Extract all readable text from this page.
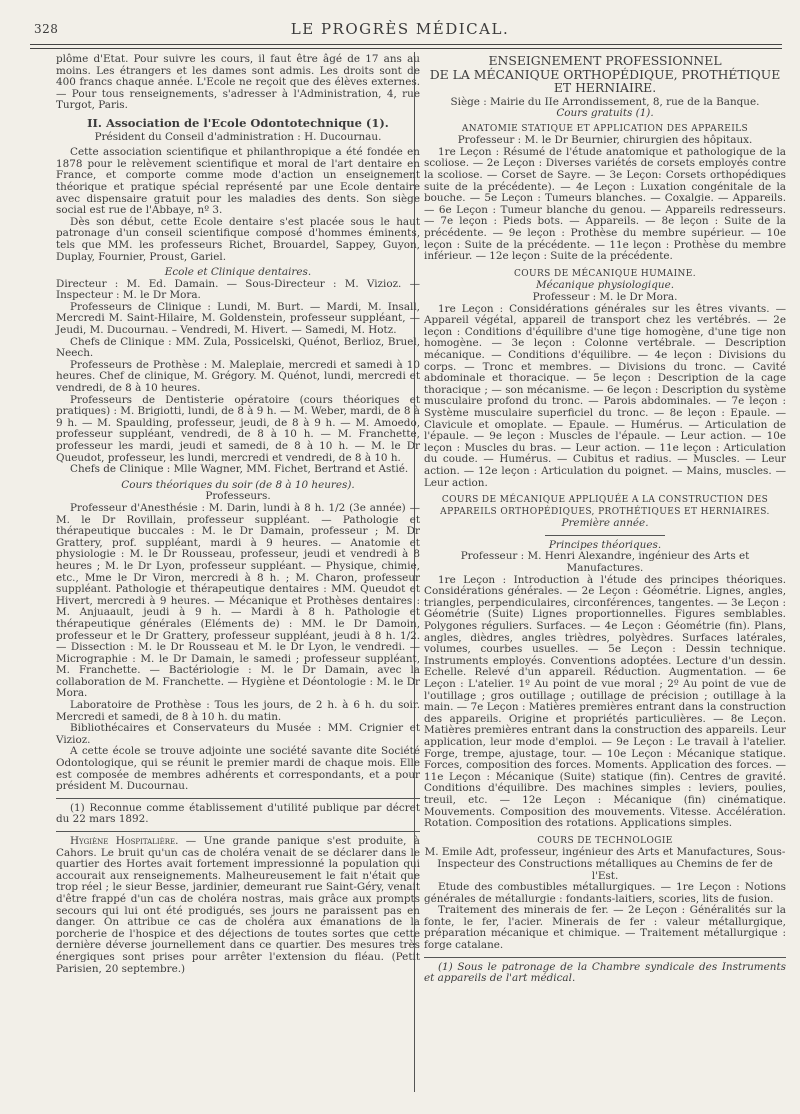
328	LE PROGRÈS MÉDICAL.

plôme d'Etat. Pour suivre les cours, il faut être âgé de 17 ans au moins. Les étrangers et les dames sont admis. Les droits sont de 400 francs chaque année. L'Ecole ne reçoit que des élèves externes. — Pour tous renseignements, s'adresser à l'Administration, 4, rue Turgot, Paris.

II. Association de l'Ecole Odontotechnique (1).

Président du Conseil d'administration : H. Ducournau.

Cette association scientifique et philanthropique a été fondée en 1878 pour le relèvement scientifique et moral de l'art dentaire en France, et comporte comme mode d'action un enseignement théorique et pratique spécial représenté par une Ecole dentaire avec dispensaire gratuit pour les maladies des dents. Son siège social est rue de l'Abbaye, nº 3.

Dès son début, cette Ecole dentaire s'est placée sous le haut patronage d'un conseil scientifique composé d'hommes éminents, tels que MM. les professeurs Richet, Brouardel, Sappey, Guyon, Duplay, Fournier, Proust, Gariel.

Ecole et Clinique dentaires.

Directeur : M. Ed. Damain. — Sous-Directeur : M. Vizioz. — Inspecteur : M. le Dr Mora.

Professeurs de Clinique : Lundi, M. Burt. — Mardi, M. Insall, Mercredi M. Saint-Hilaire, M. Goldenstein, professeur suppléant, — Jeudi, M. Ducournau. – Vendredi, M. Hivert. — Samedi, M. Hotz.

Chefs de Clinique : MM. Zula, Possicelski, Quénot, Berlioz, Bruel, Neech.

Professeurs de Prothèse : M. Maleplaie, mercredi et samedi à 10 heures. Chef de clinique, M. Grégory. M. Quénot, lundi, mercredi et vendredi, de 8 à 10 heures.

Professeurs de Dentisterie opératoire (cours théoriques et pratiques) : M. Brigiotti, lundi, de 8 à 9 h. — M. Weber, mardi, de 8 à 9 h. — M. Spaulding, professeur, jeudi, de 8 à 9 h. — M. Amoedo, professeur suppléant, vendredi, de 8 à 10 h. — M. Franchette, professeur les mardi, jeudi et samedi, de 8 à 10 h. — M. le Dr Queudot, professeur, les lundi, mercredi et vendredi, de 8 à 10 h.

Chefs de Clinique : Mlle Wagner, MM. Fichet, Bertrand et Astié.

Cours théoriques du soir (de 8 à 10 heures).

Professeurs.

Professeur d'Anesthésie : M. Darin, lundi à 8 h. 1/2 (3e année) — M. le Dr Rovillain, professeur suppléant. — Pathologie et thérapeutique buccales : M. le Dr Damain, professeur ; M. Dr Grattery, prof. suppléant, mardi à 9 heures. — Anatomie et physiologie : M. le Dr Rousseau, professeur, jeudi et vendredi à 8 heures ; M. le Dr Lyon, professeur suppléant. — Physique, chimie, etc., Mme le Dr Viron, mercredi à 8 h. ; M. Charon, professeur suppléant. Pathologie et thérapeutique dentaires : MM. Queudot et Hivert, mercredi à 9 heures. — Mécanique et Prothèses dentaires : M. Anjuaault, jeudi à 9 h. — Mardi à 8 h. Pathologie et thérapeutique générales (Eléments de) : MM. le Dr Damoin, professeur et le Dr Grattery, professeur suppléant, jeudi à 8 h. 1/2. — Dissection : M. le Dr Rousseau et M. le Dr Lyon, le vendredi. — Micrographie : M. le Dr Damain, le samedi ; professeur suppléant, M. Franchette. — Bactériologie : M. le Dr Damain, avec la collaboration de M. Franchette. — Hygiène et Déontologie : M. le Dr Mora.

Laboratoire de Prothèse : Tous les jours, de 2 h. à 6 h. du soir. Mercredi et samedi, de 8 à 10 h. du matin.

Bibliothécaires et Conservateurs du Musée : MM. Crignier et Vizioz.

A cette école se trouve adjointe une société savante dite Société Odontologique, qui se réunit le premier mardi de chaque mois. Elle est composée de membres adhérents et correspondants, et a pour président M. Ducournau.

(1) Reconnue comme établissement d'utilité publique par décret du 22 mars 1892.

Hygiène Hospitalière. — Une grande panique s'est produite, à Cahors. Le bruit qu'un cas de choléra venait de se déclarer dans le quartier des Hortes avait fortement impressionné la population qui accourait aux renseignements. Malheureusement le fait n'était que trop réel ; le sieur Besse, jardinier, demeurant rue Saint-Géry, venait d'être frappé d'un cas de choléra nostras, mais grâce aux prompts secours qui lui ont été prodigués, ses jours ne paraissent pas en danger. On attribue ce cas de choléra aux émanations de la porcherie de l'hospice et des déjections de toutes sortes que cette dernière déverse journellement dans ce quartier. Des mesures très énergiques sont prises pour arrêter l'extension du fléau. (Petit Parisien, 20 septembre.)

ENSEIGNEMENT PROFESSIONNEL

DE LA MÉCANIQUE ORTHOPÉDIQUE, PROTHÉTIQUE ET HERNIAIRE.

Siège : Mairie du IIe Arrondissement, 8, rue de la Banque.

Cours gratuits (1).

ANATOMIE STATIQUE ET APPLICATION DES APPAREILS

Professeur : M. le Dr Beurnier, chirurgien des hôpitaux.

1re Leçon : Résumé de l'étude anatomique et pathologique de la scoliose. — 2e Leçon : Diverses variétés de corsets employés contre la scoliose. — Corset de Sayre. — 3e Leçon: Corsets orthopédiques suite de la précédente). — 4e Leçon : Luxation congénitale de la bouche. — 5e Leçon : Tumeurs blanches. — Coxalgie. — Appareils. — 6e Leçon : Tumeur blanche du genou. — Appareils redresseurs. — 7e leçon : Pieds bots. — Appareils. — 8e leçon : Suite de la précédente. — 9e leçon : Prothèse du membre supérieur. — 10e leçon : Suite de la précédente. — 11e leçon : Prothèse du membre inférieur. — 12e leçon : Suite de la précédente.

COURS DE MÉCANIQUE HUMAINE.

Mécanique physiologique.

Professeur : M. le Dr Mora.

1re Leçon : Considérations générales sur les êtres vivants. — Appareil végétal, appareil de transport chez les vertébrés. — 2e leçon : Conditions d'équilibre d'une tige homogène, d'une tige non homogène. — 3e leçon : Colonne vertébrale. — Description mécanique. — Conditions d'équilibre. — 4e leçon : Divisions du corps. — Tronc et membres. — Divisions du tronc. — Cavité abdominale et thoracique. — 5e leçon : Description de la cage thoracique ; — son mécanisme. — 6e leçon : Description du système musculaire profond du tronc. — Parois abdominales. — 7e leçon : Système musculaire superficiel du tronc. — 8e leçon : Epaule. — Clavicule et omoplate. — Epaule. — Humérus. — Articulation de l'épaule. — 9e leçon : Muscles de l'épaule. — Leur action. — 10e leçon : Muscles du bras. — Leur action. — 11e leçon : Articulation du coude. — Humérus. — Cubitus et radius. — Muscles. — Leur action. — 12e leçon : Articulation du poignet. — Mains, muscles. — Leur action.

COURS DE MÉCANIQUE APPLIQUÉE A LA CONSTRUCTION DES APPAREILS ORTHOPÉDIQUES, PROTHÉTIQUES ET HERNIAIRES.

Première année.

Principes théoriques.

Professeur : M. Henri Alexandre, ingénieur des Arts et Manufactures.

1re Leçon : Introduction à l'étude des principes théoriques. Considérations générales. — 2e Leçon : Géométrie. Lignes, angles, triangles, perpendiculaires, circonférences, tangentes. — 3e Leçon : Géométrie (Suite) Lignes proportionnelles. Figures semblables. Polygones réguliers. Surfaces. — 4e Leçon : Géométrie (fin). Plans, angles, dièdres, angles trièdres, polyèdres. Surfaces latérales, volumes, courbes usuelles. — 5e Leçon : Dessin technique. Instruments employés. Conventions adoptées. Lecture d'un dessin. Echelle. Relevé d'un appareil. Réduction. Augmentation. — 6e Leçon : L'atelier. 1º Au point de vue moral ; 2º Au point de vue de l'outillage ; gros outillage ; outillage de précision ; outillage à la main. — 7e Leçon : Matières premières entrant dans la construction des appareils. Origine et propriétés particulières. — 8e Leçon. Matières premières entrant dans la construction des appareils. Leur application, leur mode d'emploi. — 9e Leçon : Le travail à l'atelier. Forge, trempe, ajustage, tour. — 10e Leçon : Mécanique statique. Forces, composition des forces. Moments. Application des forces. — 11e Leçon : Mécanique (Suite) statique (fin). Centres de gravité. Conditions d'équilibre. Des machines simples : leviers, poulies, treuil, etc. — 12e Leçon : Mécanique (fin) cinématique. Mouvements. Composition des mouvements. Vitesse. Accélération. Rotation. Composition des rotations. Applications simples.

COURS DE TECHNOLOGIE

M. Emile Adt, professeur, ingénieur des Arts et Manufactures, Sous-Inspecteur des Constructions métalliques au Chemins de fer de l'Est.

Etude des combustibles métallurgiques. — 1re Leçon : Notions générales de métallurgie : fondants-laitiers, scories, lits de fusion.

Traitement des minerais de fer. — 2e Leçon : Généralités sur la fonte, le fer, l'acier. Minerais de fer : valeur métallurgique, préparation mécanique et chimique. — Traitement métallurgique : forge catalane.

(1) Sous le patronage de la Chambre syndicale des Instruments et appareils de l'art médical.
